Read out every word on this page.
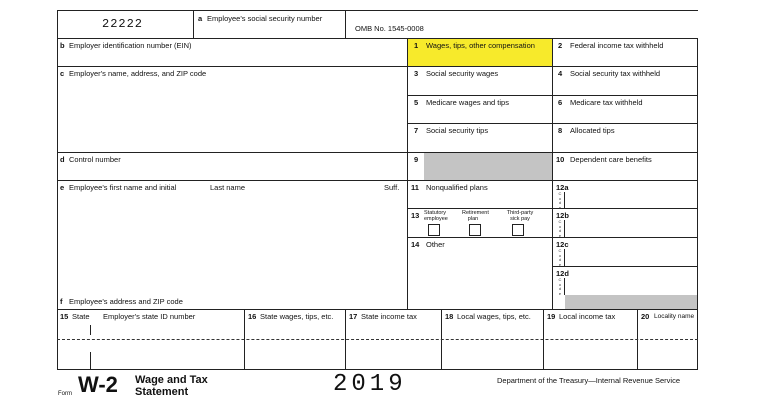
22222	a Employee's social security number
OMB No. 1545-0008
b Employer identification number (EIN)
c Employer's name, address, and ZIP code
d Control number
e Employee's first name and initial	Last name	Suff.
f Employee's address and ZIP code
1 Wages, tips, other compensation
3 Social security wages
5 Medicare wages and tips
7 Social security tips
9
11 Nonqualified plans
13 Statutory employee
Retirement plan
Third-party sick pay
14 Other
2 Federal income tax withheld
4 Social security tax withheld
6 Medicare tax withheld
8 Allocated tips
10 Dependent care benefits
12a
12b
12c
12d
C
o
d
e
C
o
d
e
C
o
d
e
C
o
d
e
15 State Employer's state ID number	16 State wages, tips, etc. 17 State income tax	18 Local wages, tips, etc. 19 Local income tax	20 Locality name
Form W-2 Wage and Tax
Statement	2019	Department of the Treasury—Internal Revenue Service
